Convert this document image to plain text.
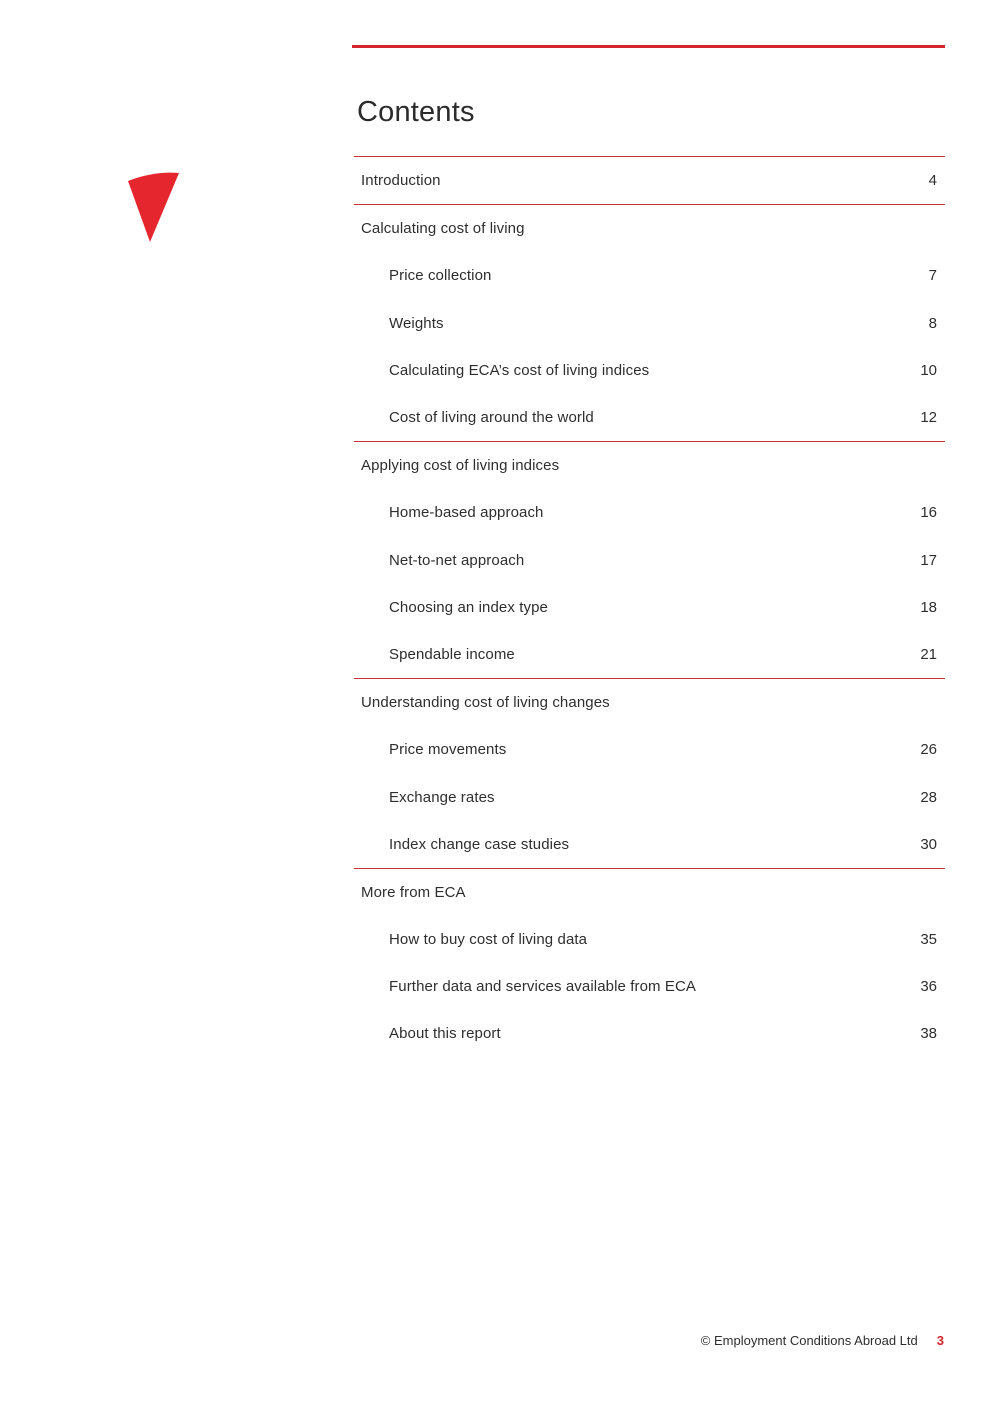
Contents
Introduction	4
Calculating cost of living
Price collection	7
Weights	8
Calculating ECA’s cost of living indices	10
Cost of living around the world	12
Applying cost of living indices
Home-based approach	16
Net-to-net approach	17
Choosing an index type	18
Spendable income	21
Understanding cost of living changes
Price movements	26
Exchange rates	28
Index change case studies	30
More from ECA
How to buy cost of living data	35
Further data and services available from ECA	36
About this report	38
© Employment Conditions Abroad Ltd 3
